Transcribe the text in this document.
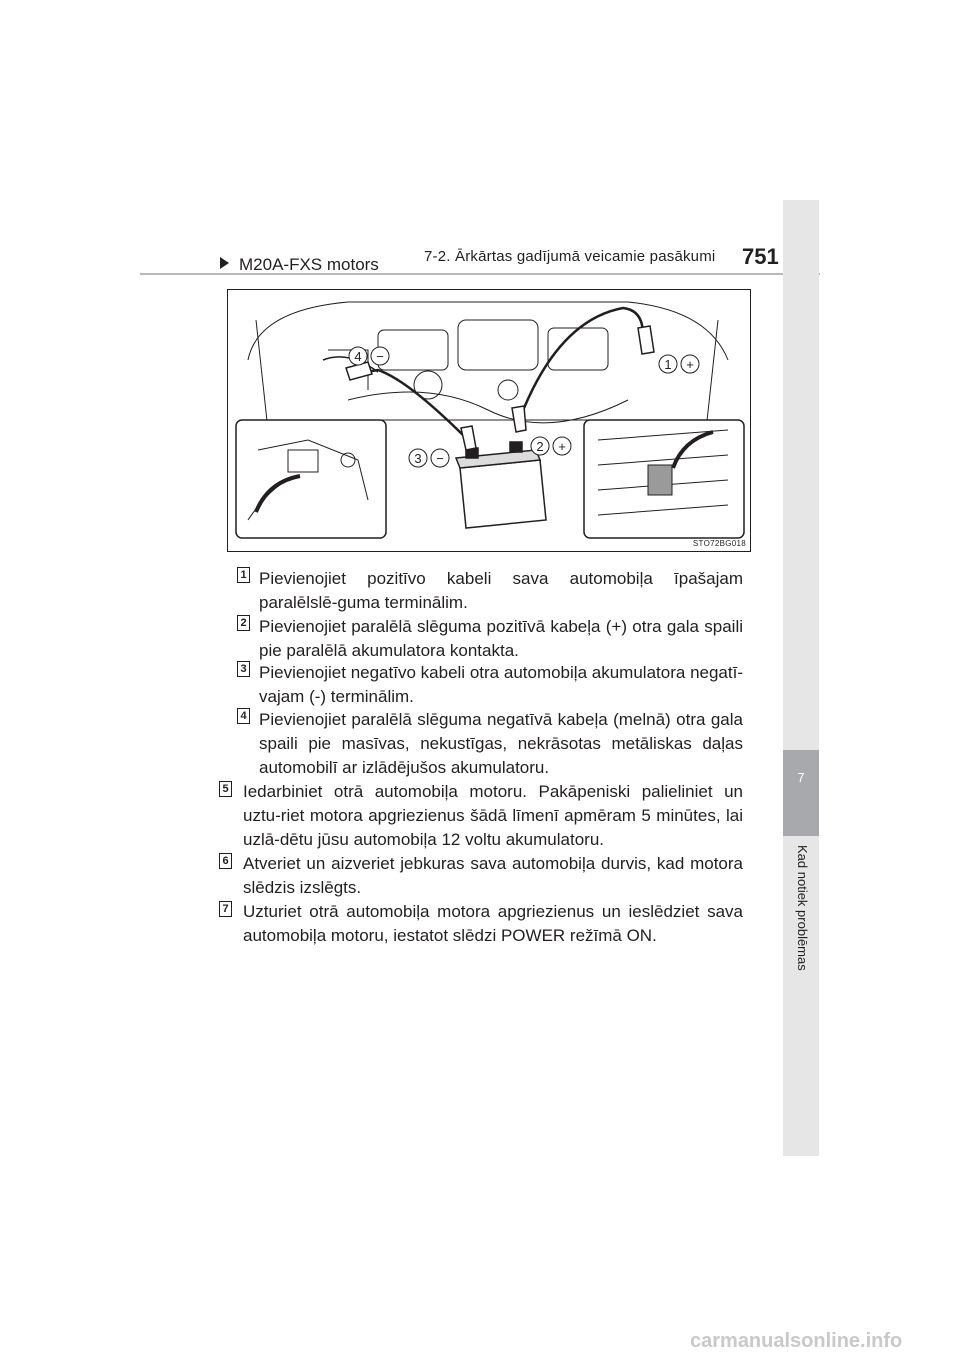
7-2. Ārkārtas gadījumā veicamie pasākumi 751
7
Kad notiek problēmas
M20A-FXS motors
1 +
2 +
3 −
4 −
STO72BG018
1 Pievienojiet pozitīvo kabeli sava automobiļa īpašajam paralēlslē-guma terminālim.
2 Pievienojiet paralēlā slēguma pozitīvā kabeļa (+) otra gala spaili pie paralēlā akumulatora kontakta.
3 Pievienojiet negatīvo kabeli otra automobiļa akumulatora negatī-vajam (-) terminālim.
4 Pievienojiet paralēlā slēguma negatīvā kabeļa (melnā) otra gala spaili pie masīvas, nekustīgas, nekrāsotas metāliskas daļas automobilī ar izlādējušos akumulatoru.
5 Iedarbiniet otrā automobiļa motoru. Pakāpeniski palieliniet un uztu-riet motora apgriezienus šādā līmenī apmēram 5 minūtes, lai uzlā-dētu jūsu automobiļa 12 voltu akumulatoru.
6 Atveriet un aizveriet jebkuras sava automobiļa durvis, kad motora slēdzis izslēgts.
7 Uzturiet otrā automobiļa motora apgriezienus un ieslēdziet sava automobiļa motoru, iestatot slēdzi POWER režīmā ON.
carmanualsonline.info
